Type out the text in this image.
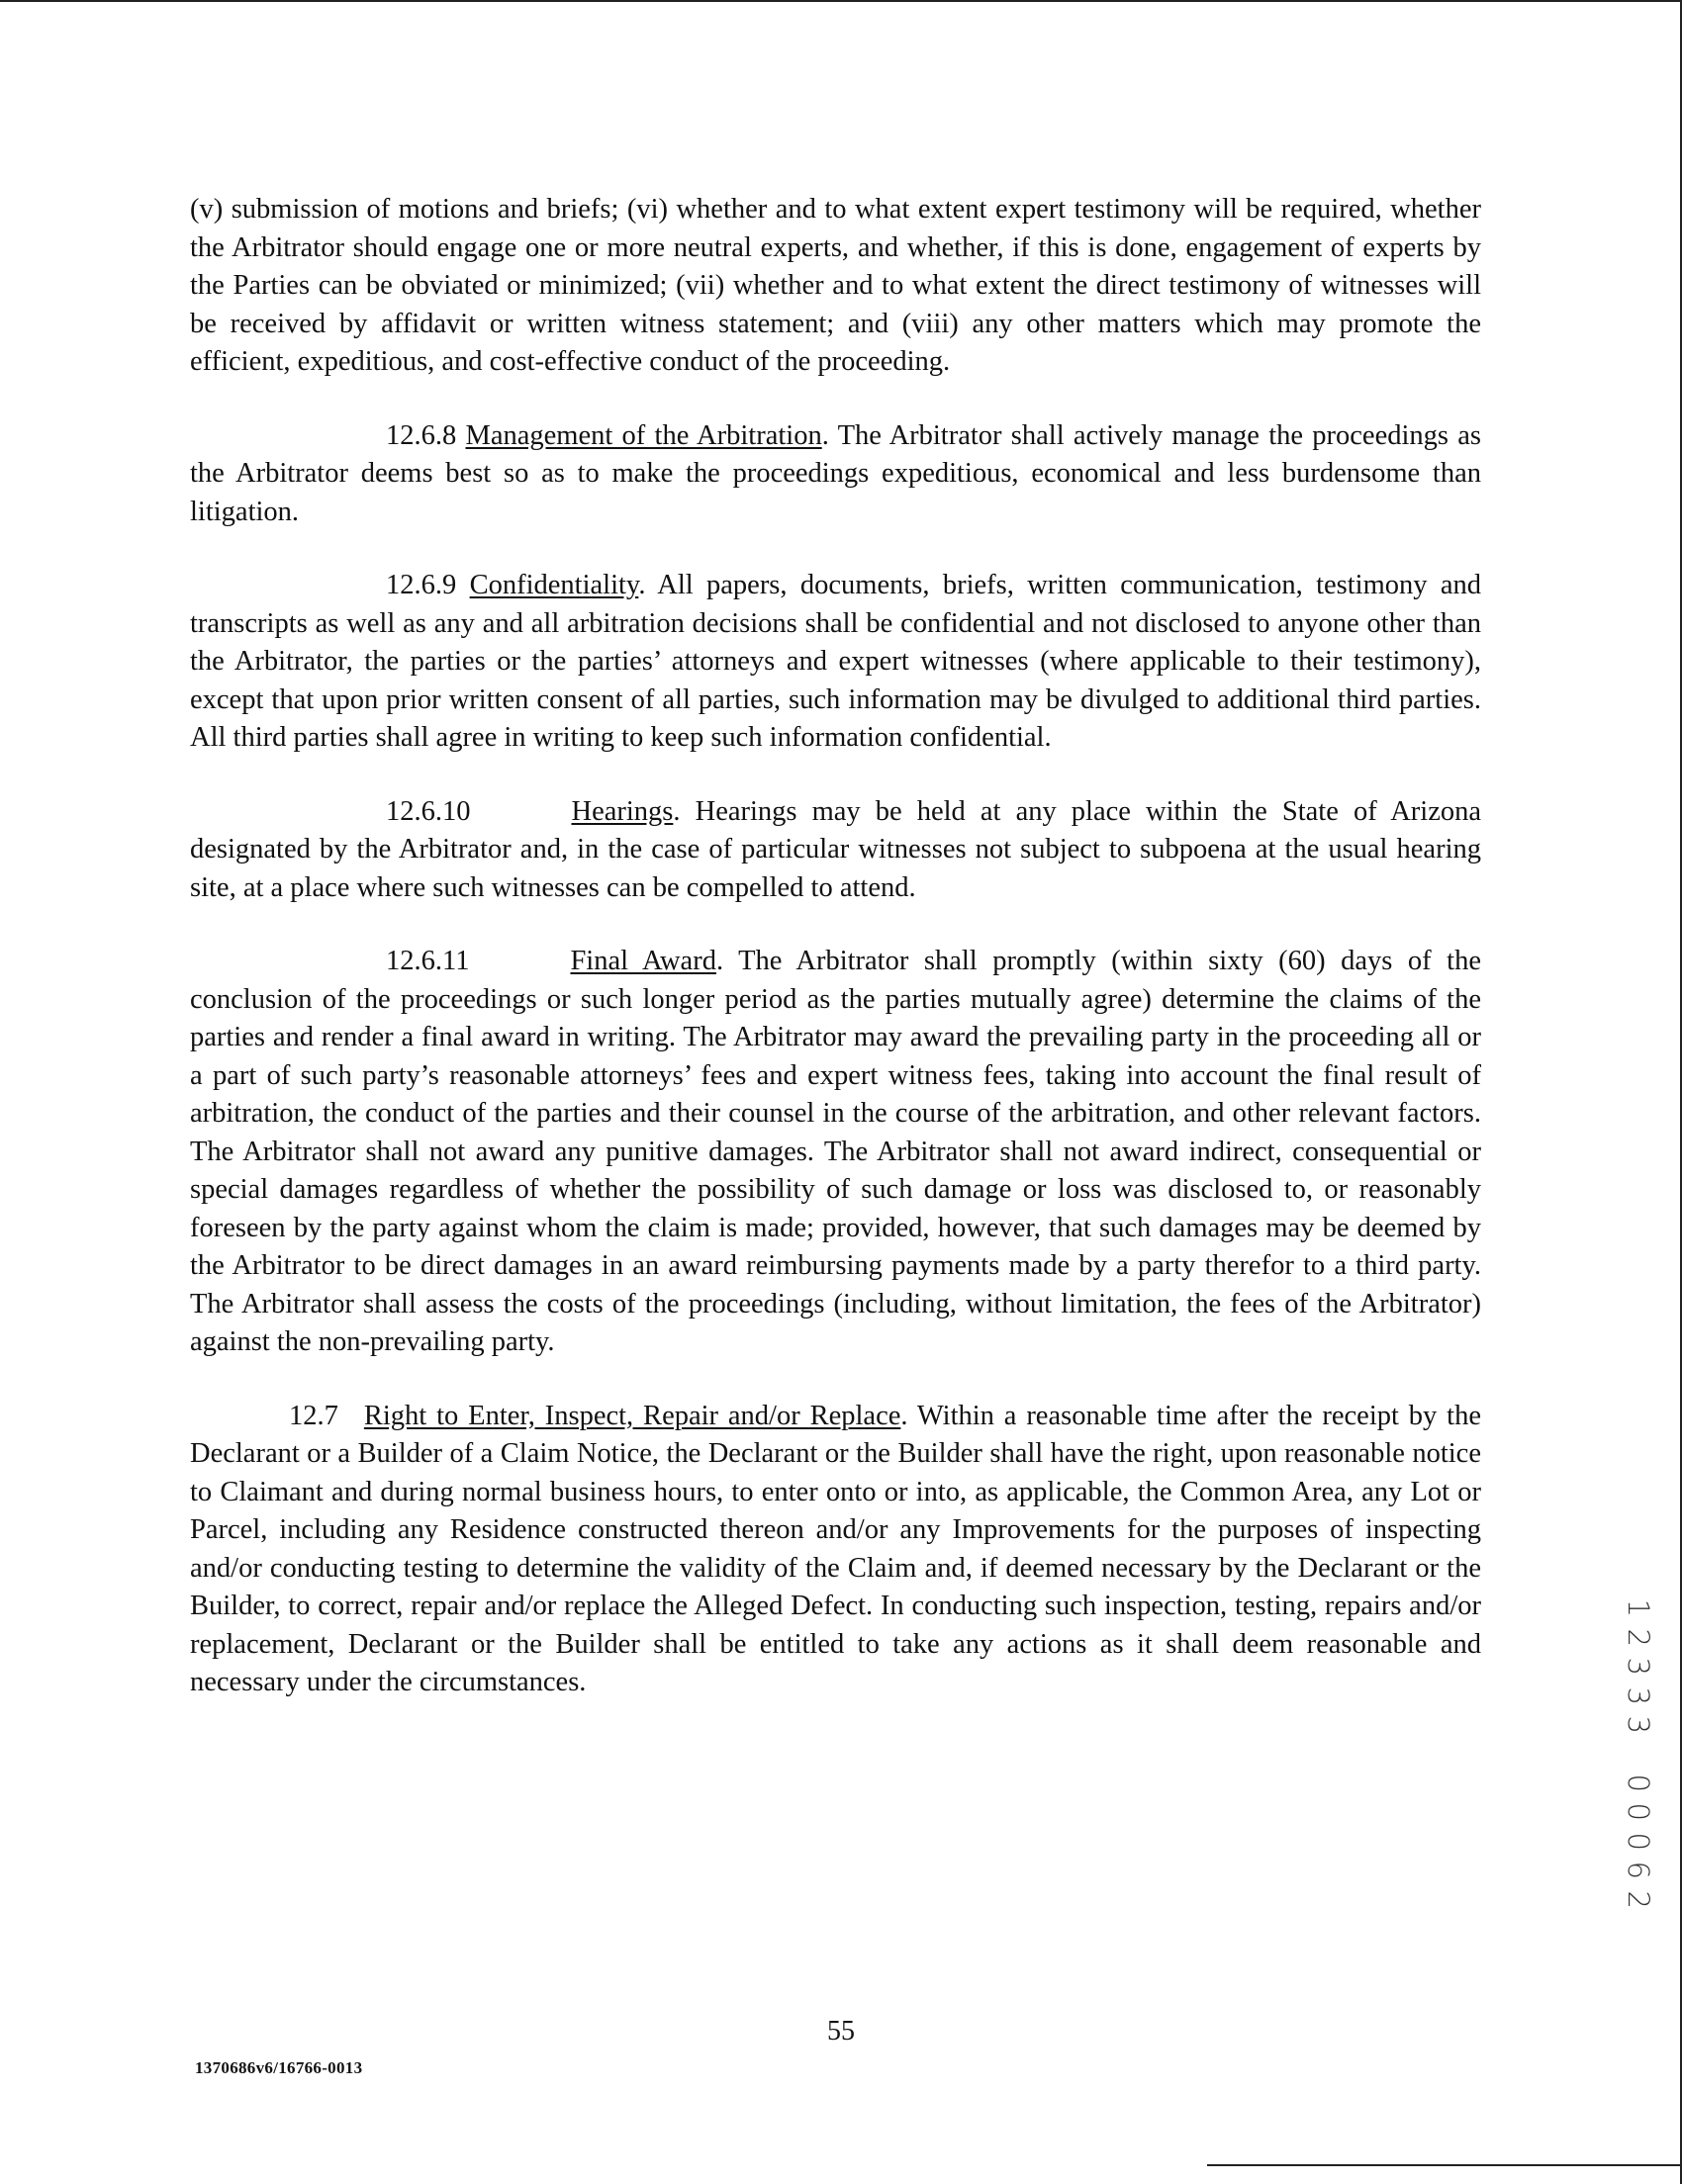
(v) submission of motions and briefs; (vi) whether and to what extent expert testimony will be required, whether the Arbitrator should engage one or more neutral experts, and whether, if this is done, engagement of experts by the Parties can be obviated or minimized; (vii) whether and to what extent the direct testimony of witnesses will be received by affidavit or written witness statement; and (viii) any other matters which may promote the efficient, expeditious, and cost-effective conduct of the proceeding.

12.6.8 Management of the Arbitration. The Arbitrator shall actively manage the proceedings as the Arbitrator deems best so as to make the proceedings expeditious, economical and less burdensome than litigation.

12.6.9 Confidentiality. All papers, documents, briefs, written communication, testimony and transcripts as well as any and all arbitration decisions shall be confidential and not disclosed to anyone other than the Arbitrator, the parties or the parties’ attorneys and expert witnesses (where applicable to their testimony), except that upon prior written consent of all parties, such information may be divulged to additional third parties. All third parties shall agree in writing to keep such information confidential.

12.6.10	Hearings. Hearings may be held at any place within the State of Arizona designated by the Arbitrator and, in the case of particular witnesses not subject to subpoena at the usual hearing site, at a place where such witnesses can be compelled to attend.

12.6.11	Final Award. The Arbitrator shall promptly (within sixty (60) days of the conclusion of the proceedings or such longer period as the parties mutually agree) determine the claims of the parties and render a final award in writing. The Arbitrator may award the prevailing party in the proceeding all or a part of such party’s reasonable attorneys’ fees and expert witness fees, taking into account the final result of arbitration, the conduct of the parties and their counsel in the course of the arbitration, and other relevant factors. The Arbitrator shall not award any punitive damages. The Arbitrator shall not award indirect, consequential or special damages regardless of whether the possibility of such damage or loss was disclosed to, or reasonably foreseen by the party against whom the claim is made; provided, however, that such damages may be deemed by the Arbitrator to be direct damages in an award reimbursing payments made by a party therefor to a third party. The Arbitrator shall assess the costs of the proceedings (including, without limitation, the fees of the Arbitrator) against the non-prevailing party.

12.7 Right to Enter, Inspect, Repair and/or Replace. Within a reasonable time after the receipt by the Declarant or a Builder of a Claim Notice, the Declarant or the Builder shall have the right, upon reasonable notice to Claimant and during normal business hours, to enter onto or into, as applicable, the Common Area, any Lot or Parcel, including any Residence constructed thereon and/or any Improvements for the purposes of inspecting and/or conducting testing to determine the validity of the Claim and, if deemed necessary by the Declarant or the Builder, to correct, repair and/or replace the Alleged Defect. In conducting such inspection, testing, repairs and/or replacement, Declarant or the Builder shall be entitled to take any actions as it shall deem reasonable and necessary under the circumstances.

55
1370686v6/16766-0013
1
2
3
3
3
0
0
0
6
2
